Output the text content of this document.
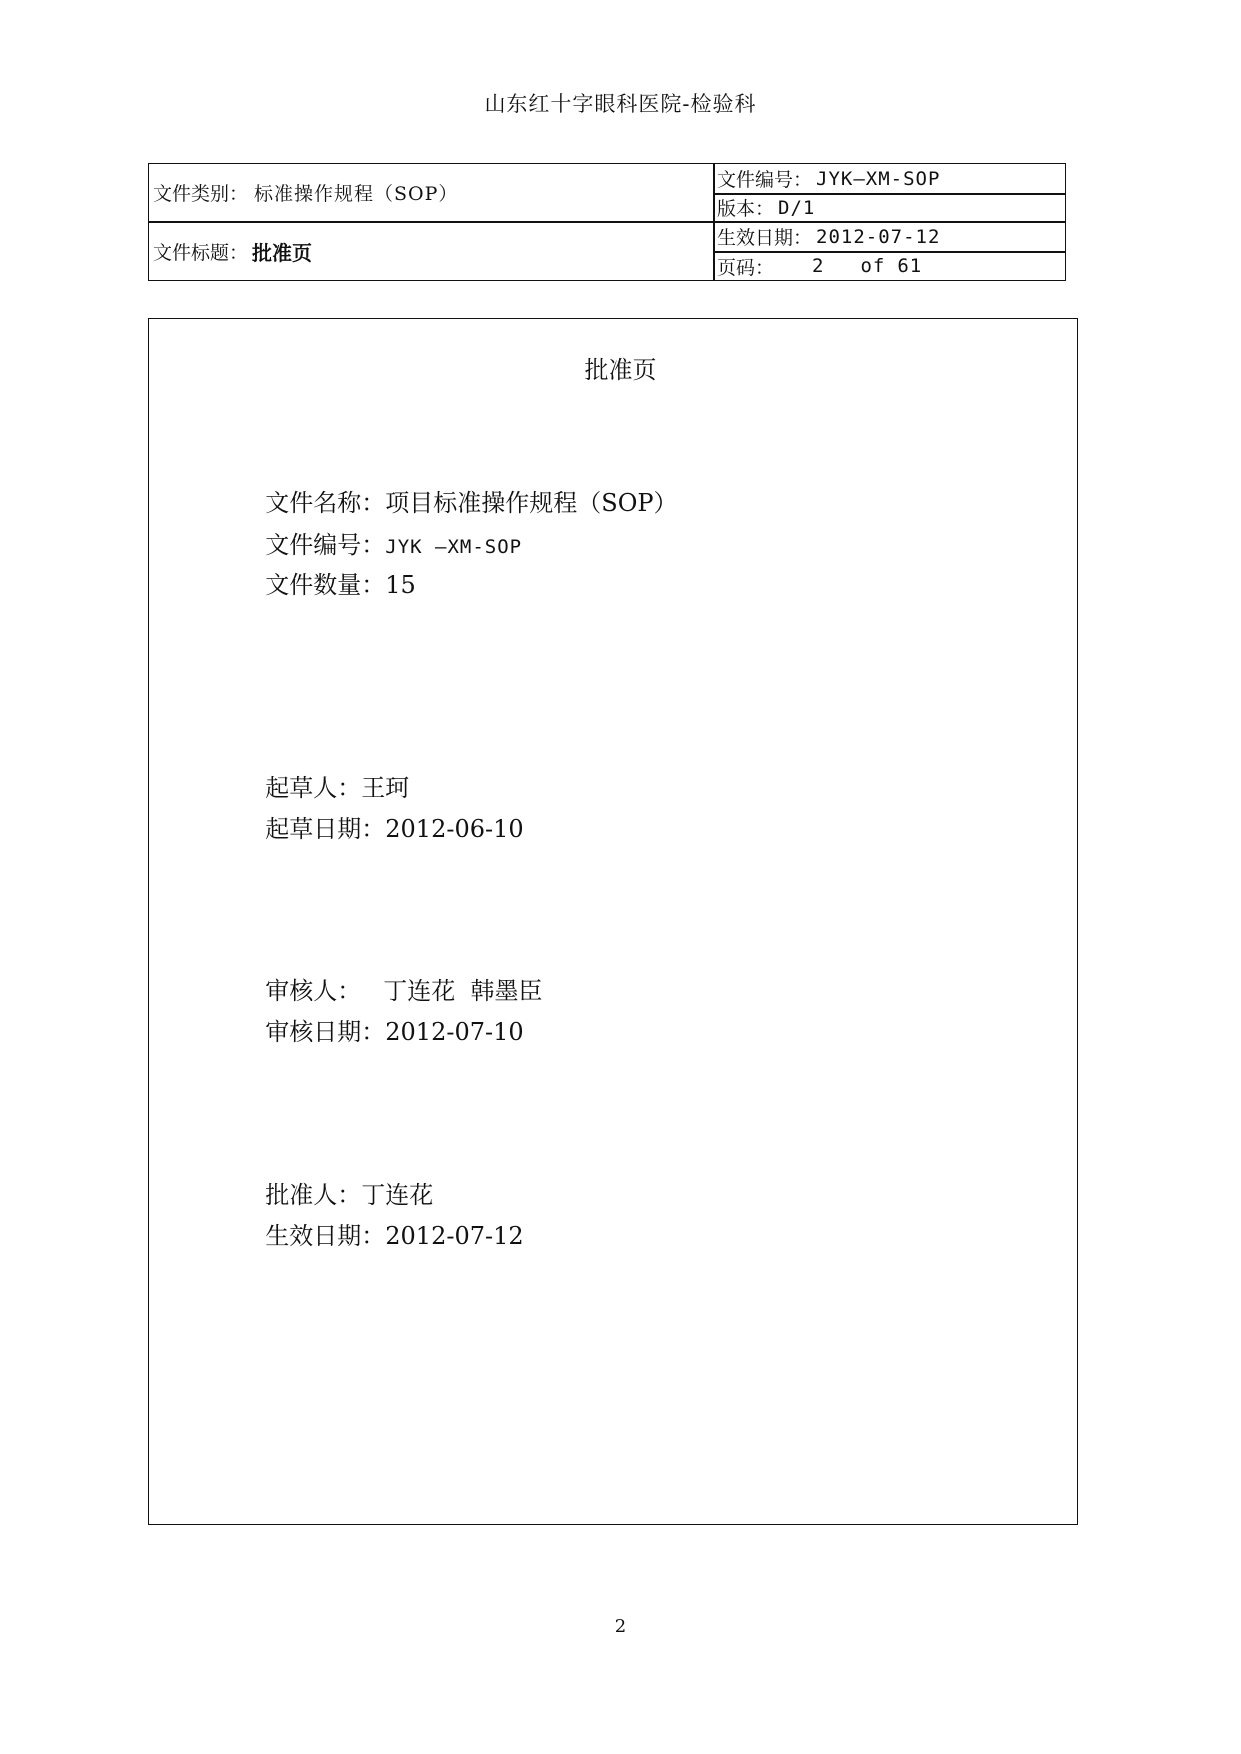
山东红十字眼科医院-检验科
文件类别： 标准操作规程（SOP）
文件标题： 批准页
文件编号： JYK—XM-SOP
版本： D/1
生效日期： 2012-07-12
页码： 2 of 61
批准页

文件名称：项目标准操作规程（SOP）

文件编号：JYK –XM-SOP

文件数量：15

起草人：王珂

起草日期：2012-06-10

审核人： 丁连花  韩墨臣

审核日期：2012-07-10

批准人：丁连花

生效日期：2012-07-12

2
